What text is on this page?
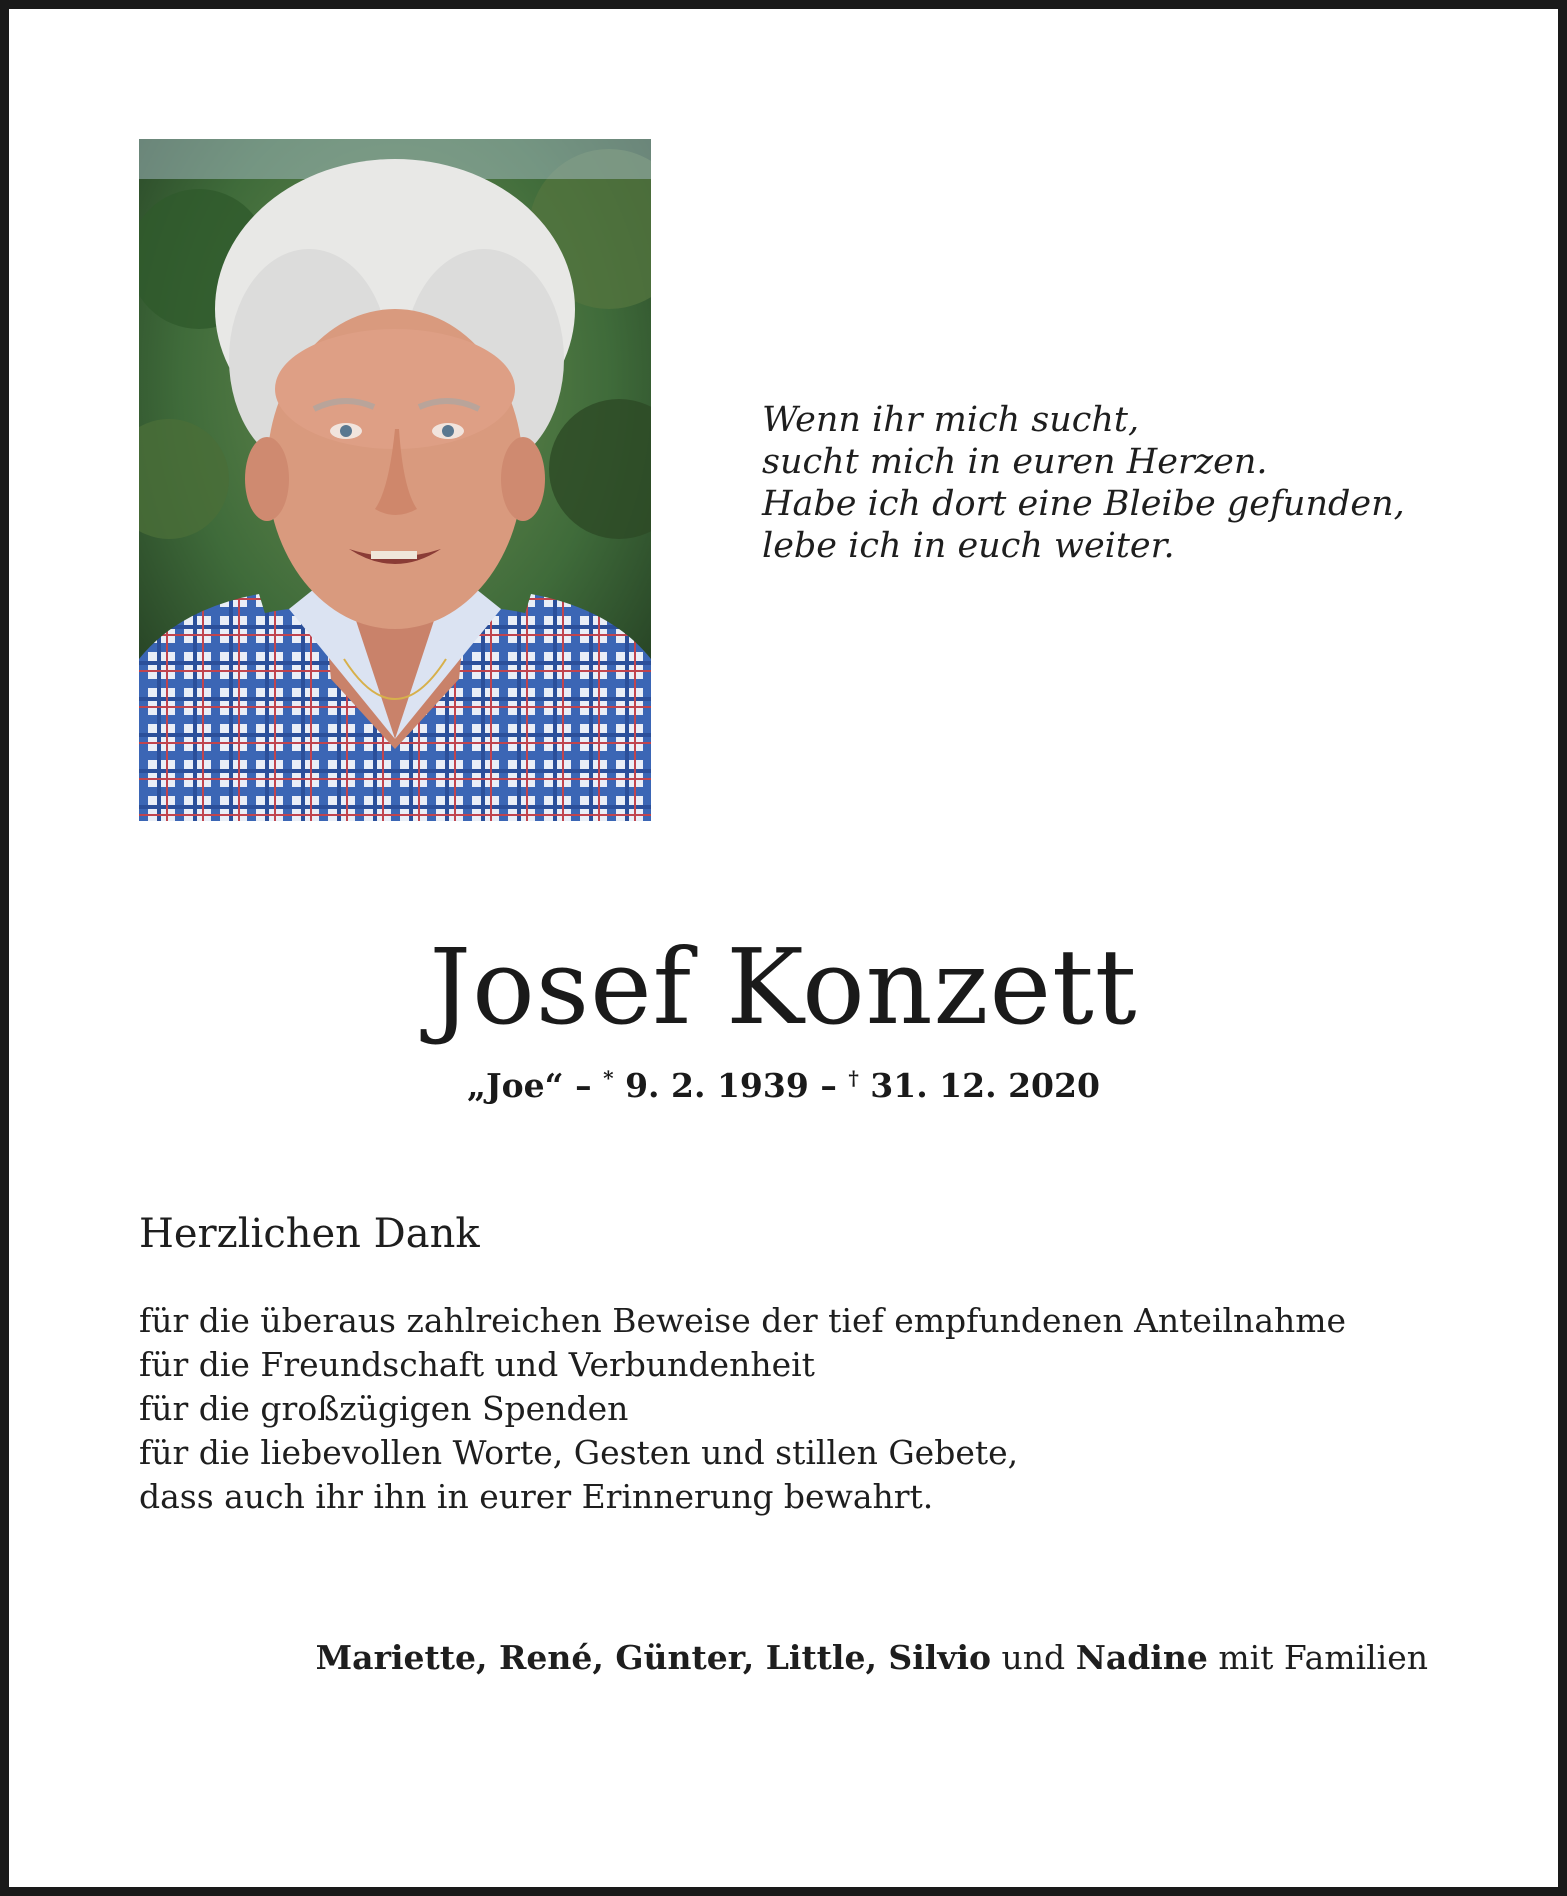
Wenn ihr mich sucht,
sucht mich in euren Herzen.
Habe ich dort eine Bleibe gefunden,
lebe ich in euch weiter.
Josef Konzett
„Joe“ – * 9. 2. 1939 – † 31. 12. 2020
Herzlichen Dank
für die überaus zahlreichen Beweise der tief empfundenen Anteilnahme
für die Freundschaft und Verbundenheit
für die großzügigen Spenden
für die liebevollen Worte, Gesten und stillen Gebete,
dass auch ihr ihn in eurer Erinnerung bewahrt.
Mariette, René, Günter, Little, Silvio und Nadine mit Familien
